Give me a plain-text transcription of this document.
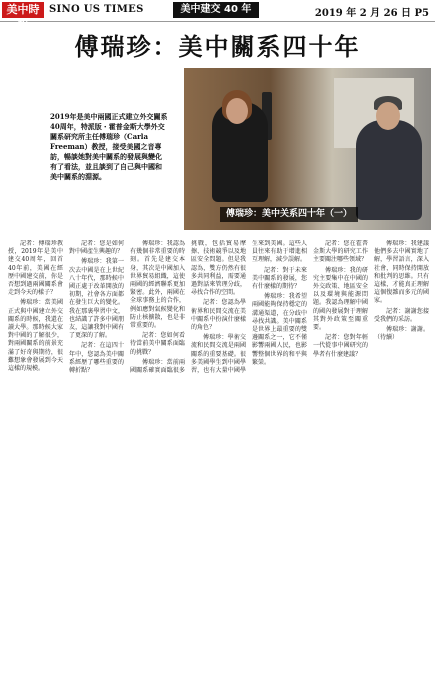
美中時報
SINO US TIMES	美中建交 40 年	2019 年 2 月 26 日 P5
傅瑞珍：美中關系四十年
2019年是美中兩國正式建立外交關系40周年，特派版・霍普金斯大學外交關系研究所主任傅瑞珍（Carla Freeman）教授，接受美國之音專訪，暢談她對美中關系的發展與變化有了看法，並且談到了自己與中國和美中關系的淵源。
傅瑞珍：美中关系四十年（一）

記者：傅瑞珍教授，2019年是美中建交40周年，回首40年前，美國在經歷中國建交前，你是否想到過兩國關系會走到今天的樣子？

傅瑞珍：當美國正式與中國建立外交關系的時候，我還在讀大學。那時候大家對中國的了解很少，對兩國關系的前景充滿了好奇與期待，很難想象會發展到今天這樣的規模。

記者：您是如何對中國產生興趣的？

傅瑞珍：我第一次去中國是在上世紀八十年代，那時候中國正處于改革開放的初期，社會各方面都在發生巨大的變化。我在那裏學習中文，也結識了許多中國朋友，這讓我對中國有了更深的了解。

記者：在這四十年中，您認為美中關系經歷了哪些重要的轉折點？

傅瑞珍：我認為有幾個非常重要的時刻。首先是建交本身，其次是中國加入世界貿易組織，這使兩國的經濟聯系更加緊密。此外，兩國在全球事務上的合作，例如應對氣候變化和防止核擴散，也是非常重要的。

記者：您如何看待當前美中關系面臨的挑戰？

傅瑞珍：當前兩國關系確實面臨很多挑戰，包括貿易摩擦、技術競爭以及地區安全問題。但是我認為，雙方仍然有很多共同利益，需要通過對話來管理分歧，尋找合作的空間。

記者：您認為學術界和民間交流在美中關系中扮演什麼樣的角色？

傅瑞珍：學術交流和民間交流是兩國關系的重要基礎。很多美國學生到中國學習，也有大量中國學生來到美國。這些人員往來有助于增進相互理解，減少誤解。

記者：對于未來美中關系的發展，您有什麼樣的期待？

傅瑞珍：我希望兩國能夠保持穩定的溝通渠道，在分歧中尋找共識。美中關系是世界上最重要的雙邊關系之一，它不僅影響兩國人民，也影響整個世界的和平與繁榮。

記者：您在霍普金斯大學的研究工作主要關注哪些領域？

傅瑞珍：我的研究主要集中在中國的外交政策、地區安全以及環境與能源問題。我認為理解中國的國內發展對于理解其對外政策至關重要。

記者：您對年輕一代從事中國研究的學者有什麼建議？

傅瑞珍：我建議他們多去中國實地了解，學習語言，深入社會，同時保持開放和批判的思維。只有這樣，才能真正理解這個復雜而多元的國家。

記者：謝謝您接受我們的采訪。

傅瑞珍：謝謝。（待續）
